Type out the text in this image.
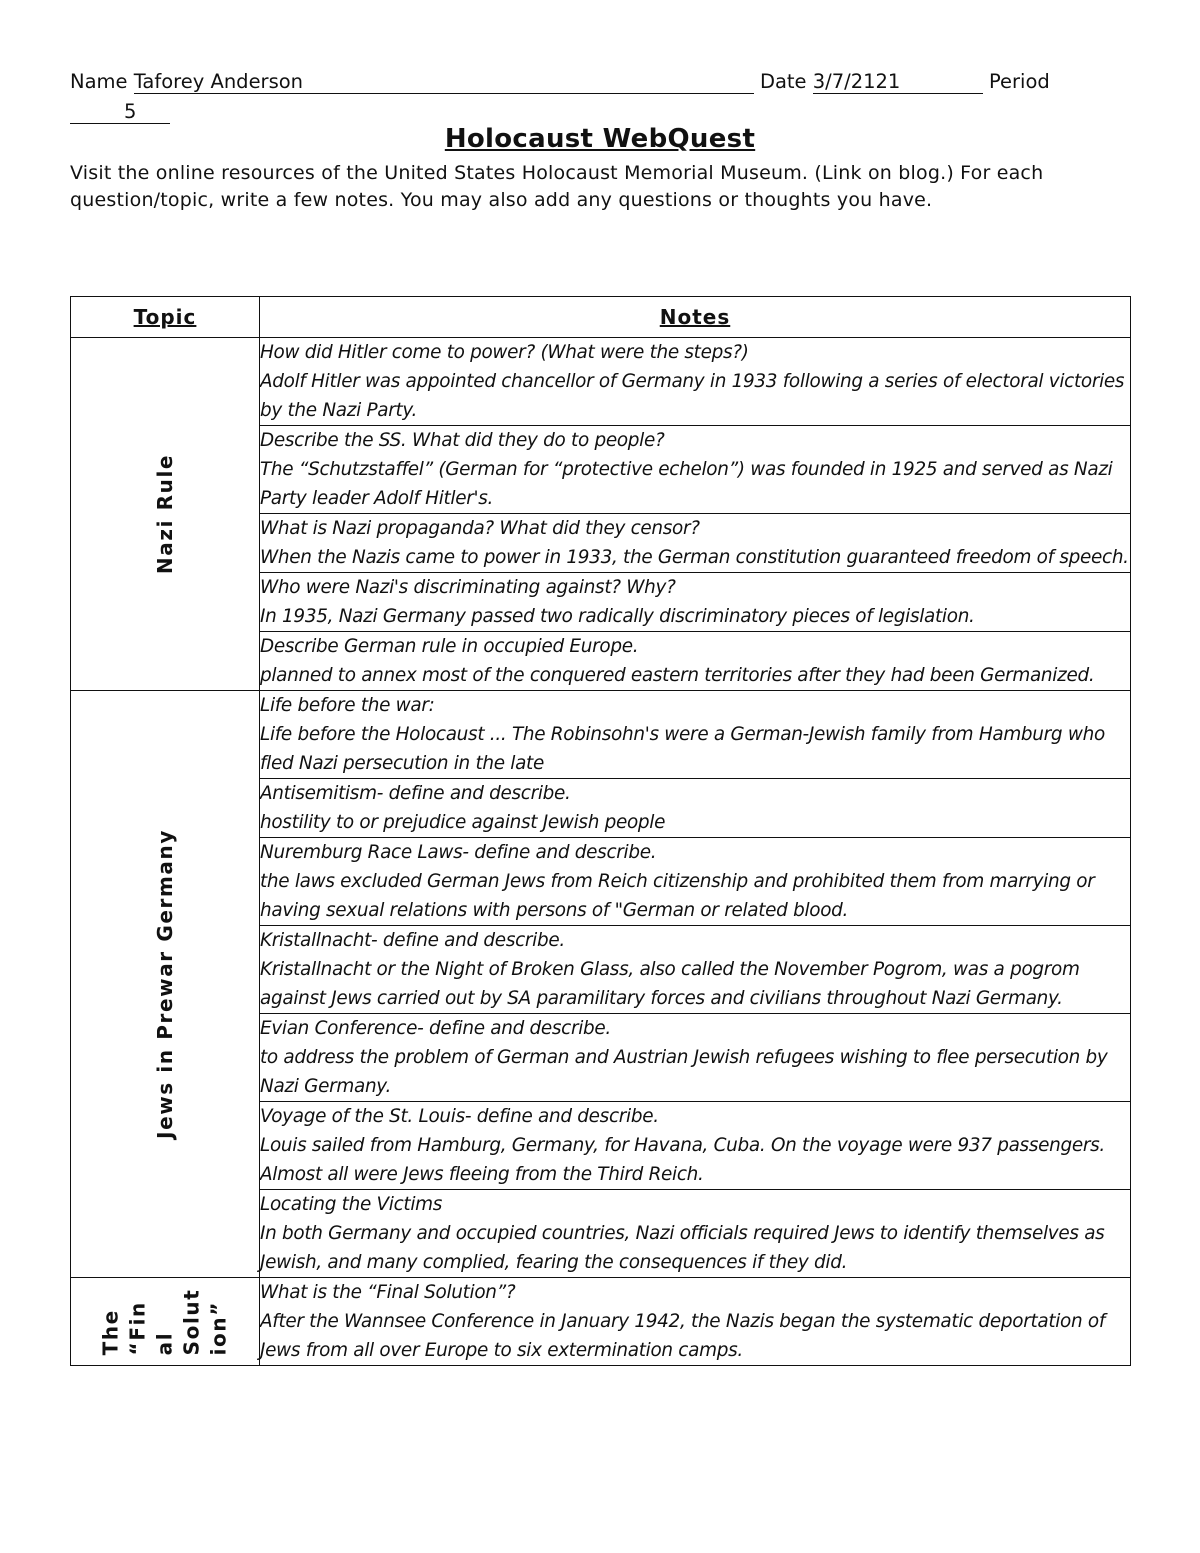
Name Taforey Anderson	Date 3/7/2121	Period
5
Holocaust WebQuest
Visit the online resources of the United States Holocaust Memorial Museum. (Link on blog.) For each question/topic, write a few notes. You may also add any questions or thoughts you have.
Topic	Notes

Nazi Rule	How did Hitler come to power? (What were the steps?)
Adolf Hitler was appointed chancellor of Germany in 1933 following a series of electoral victories by the Nazi Party.

	Describe the SS. What did they do to people?
The “Schutzstaffel” (German for “protective echelon”) was founded in 1925 and served as Nazi Party leader Adolf Hitler's.

	What is Nazi propaganda? What did they censor?
When the Nazis came to power in 1933, the German constitution guaranteed freedom of speech.

	Who were Nazi's discriminating against? Why?
In 1935, Nazi Germany passed two radically discriminatory pieces of legislation.

	Describe German rule in occupied Europe.
planned to annex most of the conquered eastern territories after they had been Germanized.

Jews in Prewar Germany	Life before the war:
Life before the Holocaust ... The Robinsohn's were a German-Jewish family from Hamburg who fled Nazi persecution in the late

	Antisemitism- define and describe.
hostility to or prejudice against Jewish people

	Nuremburg Race Laws- define and describe.
the laws excluded German Jews from Reich citizenship and prohibited them from marrying or having sexual relations with persons of "German or related blood.

	Kristallnacht- define and describe.
Kristallnacht or the Night of Broken Glass, also called the November Pogrom, was a pogrom against Jews carried out by SA paramilitary forces and civilians throughout Nazi Germany.

	Evian Conference- define and describe.
to address the problem of German and Austrian Jewish refugees wishing to flee persecution by Nazi Germany.

	Voyage of the St. Louis- define and describe.
Louis sailed from Hamburg, Germany, for Havana, Cuba. On the voyage were 937 passengers. Almost all were Jews fleeing from the Third Reich.

	Locating the Victims
In both Germany and occupied countries, Nazi officials required Jews to identify themselves as Jewish, and many complied, fearing the consequences if they did.

The
“Fin
al
Solut
ion”	What is the “Final Solution”?
After the Wannsee Conference in January 1942, the Nazis began the systematic deportation of Jews from all over Europe to six extermination camps.
